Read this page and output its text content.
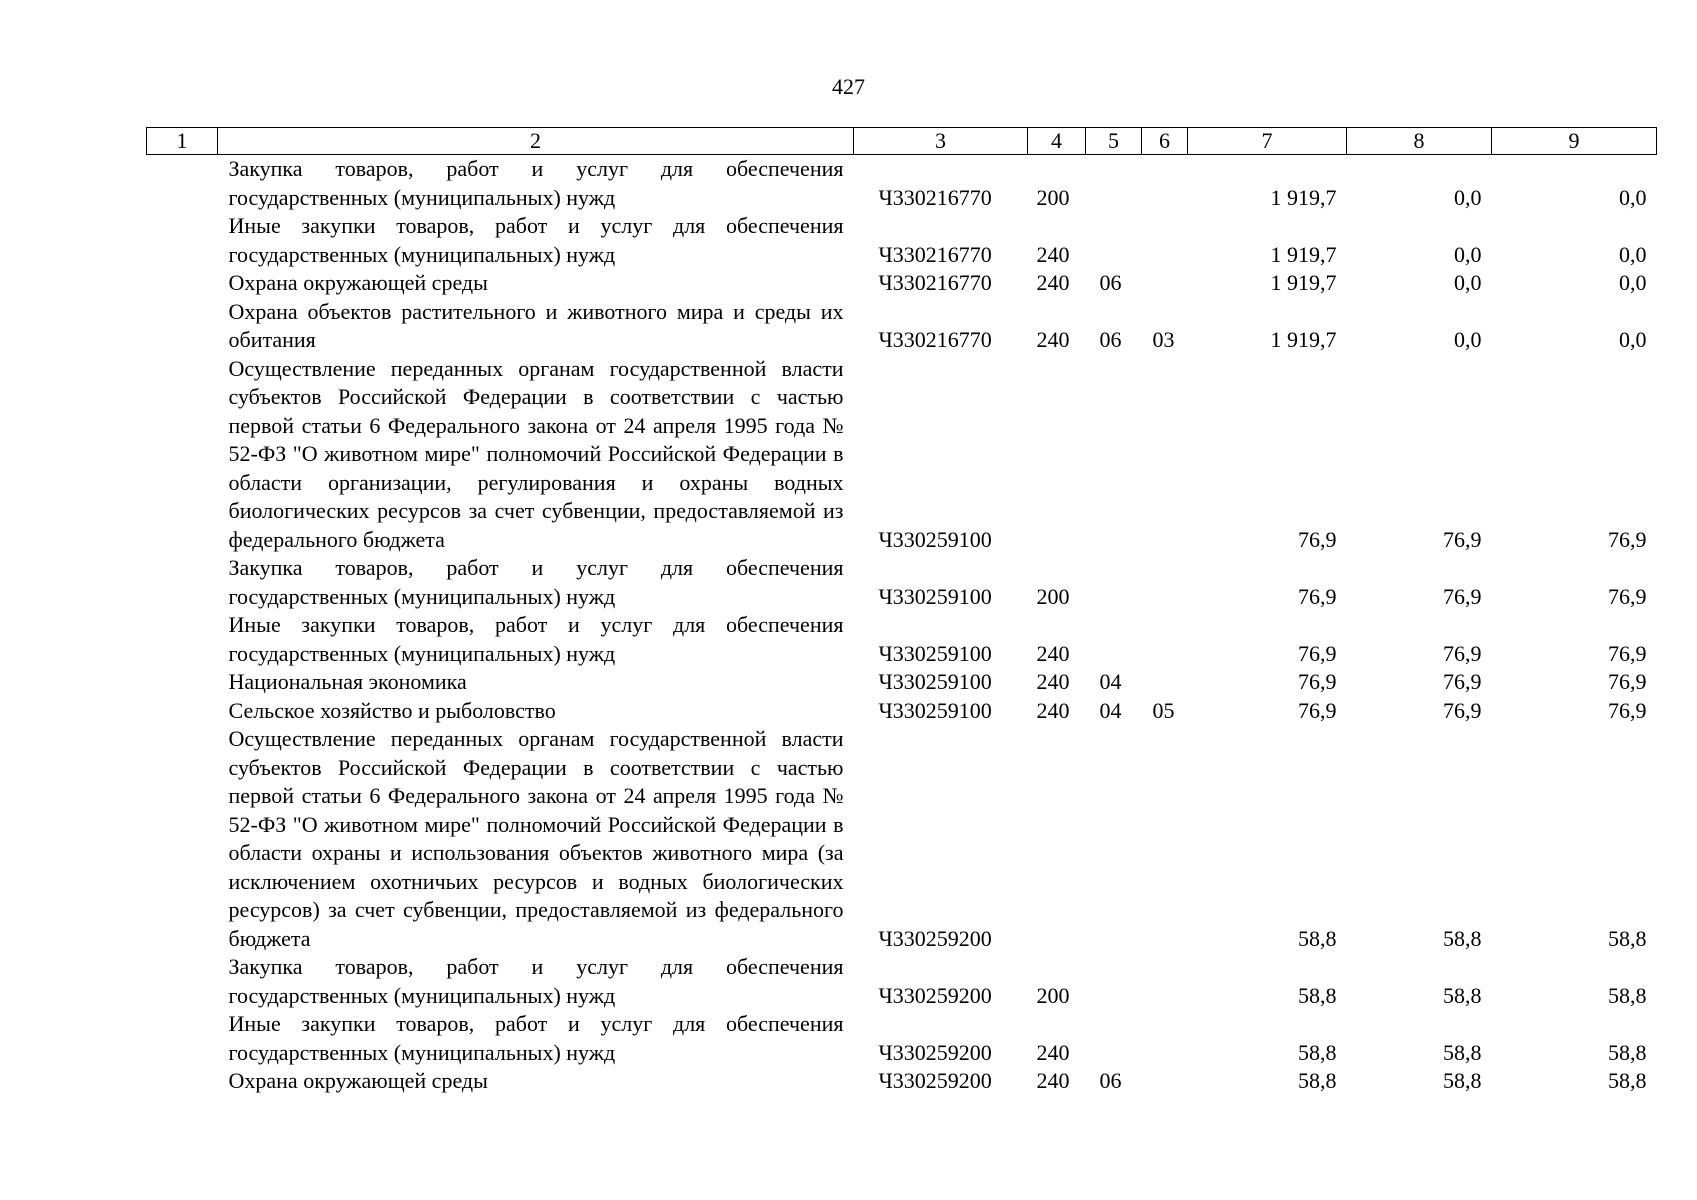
427
1	2	3	4	5	6	7	8	9
	Закупка товаров, работ и услуг для обеспечения государственных (муниципальных) нужд	Ч330216770	200			1 919,7	0,0	0,0
	Иные закупки товаров, работ и услуг для обеспечения государственных (муниципальных) нужд	Ч330216770	240			1 919,7	0,0	0,0
	Охрана окружающей среды	Ч330216770	240	06		1 919,7	0,0	0,0
	Охрана объектов растительного и животного мира и среды их обитания	Ч330216770	240	06	03	1 919,7	0,0	0,0
	Осуществление переданных органам государственной власти субъектов Российской Федерации в соответствии с частью первой статьи 6 Федерального закона от 24 апреля 1995 года № 52-ФЗ "О животном мире" полномочий Российской Федерации в области организации, регулирования и охраны водных биологических ресурсов за счет субвенции, предоставляемой из федерального бюджета	Ч330259100				76,9	76,9	76,9
	Закупка товаров, работ и услуг для обеспечения государственных (муниципальных) нужд	Ч330259100	200			76,9	76,9	76,9
	Иные закупки товаров, работ и услуг для обеспечения государственных (муниципальных) нужд	Ч330259100	240			76,9	76,9	76,9
	Национальная экономика	Ч330259100	240	04		76,9	76,9	76,9
	Сельское хозяйство и рыболовство	Ч330259100	240	04	05	76,9	76,9	76,9
	Осуществление переданных органам государственной власти субъектов Российской Федерации в соответствии с частью первой статьи 6 Федерального закона от 24 апреля 1995 года № 52-ФЗ "О животном мире" полномочий Российской Федерации в области охраны и использования объектов животного мира (за исключением охотничьих ресурсов и водных биологических ресурсов) за счет субвенции, предоставляемой из федерального бюджета	Ч330259200				58,8	58,8	58,8
	Закупка товаров, работ и услуг для обеспечения государственных (муниципальных) нужд	Ч330259200	200			58,8	58,8	58,8
	Иные закупки товаров, работ и услуг для обеспечения государственных (муниципальных) нужд	Ч330259200	240			58,8	58,8	58,8
	Охрана окружающей среды	Ч330259200	240	06		58,8	58,8	58,8
